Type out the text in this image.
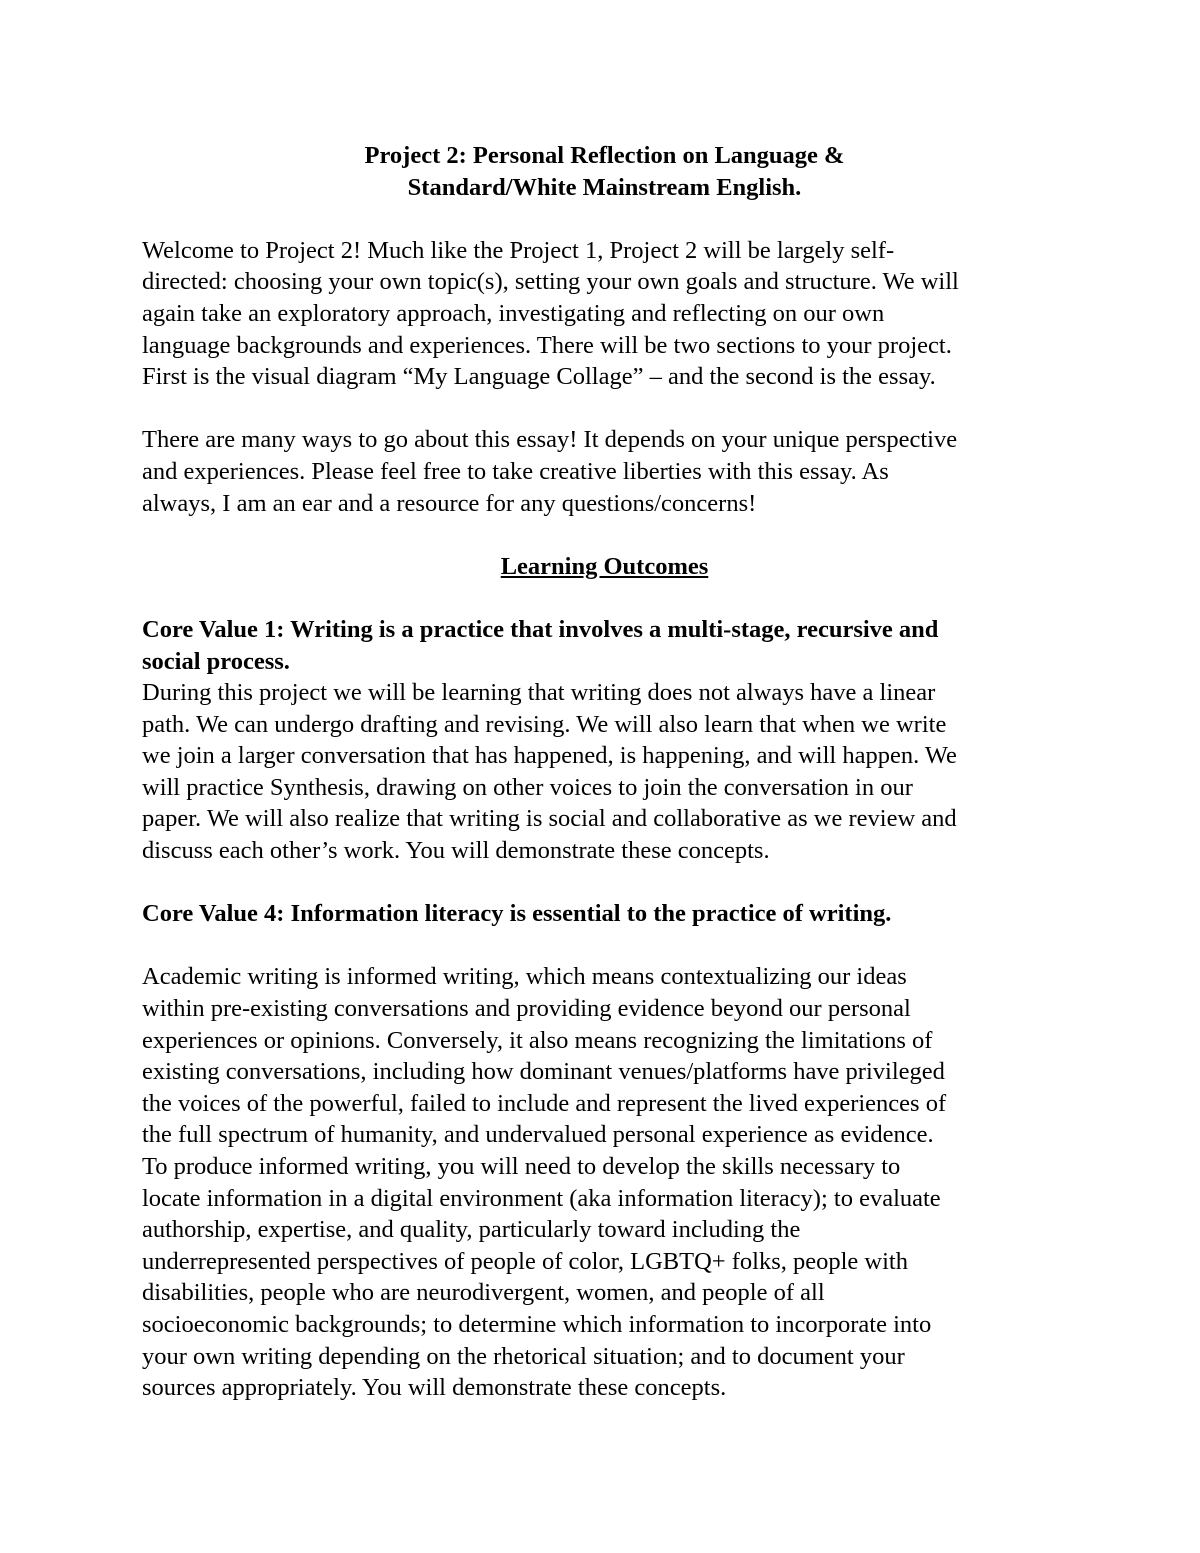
Project 2: Personal Reflection on Language &
Standard/White Mainstream English.

Welcome to Project 2! Much like the Project 1, Project 2 will be largely self-
directed: choosing your own topic(s), setting your own goals and structure. We will
again take an exploratory approach, investigating and reflecting on our own
language backgrounds and experiences. There will be two sections to your project.
First is the visual diagram “My Language Collage” – and the second is the essay.

There are many ways to go about this essay! It depends on your unique perspective
and experiences. Please feel free to take creative liberties with this essay. As
always, I am an ear and a resource for any questions/concerns!

Learning Outcomes
Core Value 1: Writing is a practice that involves a multi-stage, recursive and
social process.

During this project we will be learning that writing does not always have a linear
path. We can undergo drafting and revising. We will also learn that when we write
we join a larger conversation that has happened, is happening, and will happen. We
will practice Synthesis, drawing on other voices to join the conversation in our
paper. We will also realize that writing is social and collaborative as we review and
discuss each other’s work. You will demonstrate these concepts.

Core Value 4: Information literacy is essential to the practice of writing.

Academic writing is informed writing, which means contextualizing our ideas
within pre-existing conversations and providing evidence beyond our personal
experiences or opinions. Conversely, it also means recognizing the limitations of
existing conversations, including how dominant venues/platforms have privileged
the voices of the powerful, failed to include and represent the lived experiences of
the full spectrum of humanity, and undervalued personal experience as evidence.
To produce informed writing, you will need to develop the skills necessary to
locate information in a digital environment (aka information literacy); to evaluate
authorship, expertise, and quality, particularly toward including the
underrepresented perspectives of people of color, LGBTQ+ folks, people with
disabilities, people who are neurodivergent, women, and people of all
socioeconomic backgrounds; to determine which information to incorporate into
your own writing depending on the rhetorical situation; and to document your
sources appropriately. You will demonstrate these concepts.
